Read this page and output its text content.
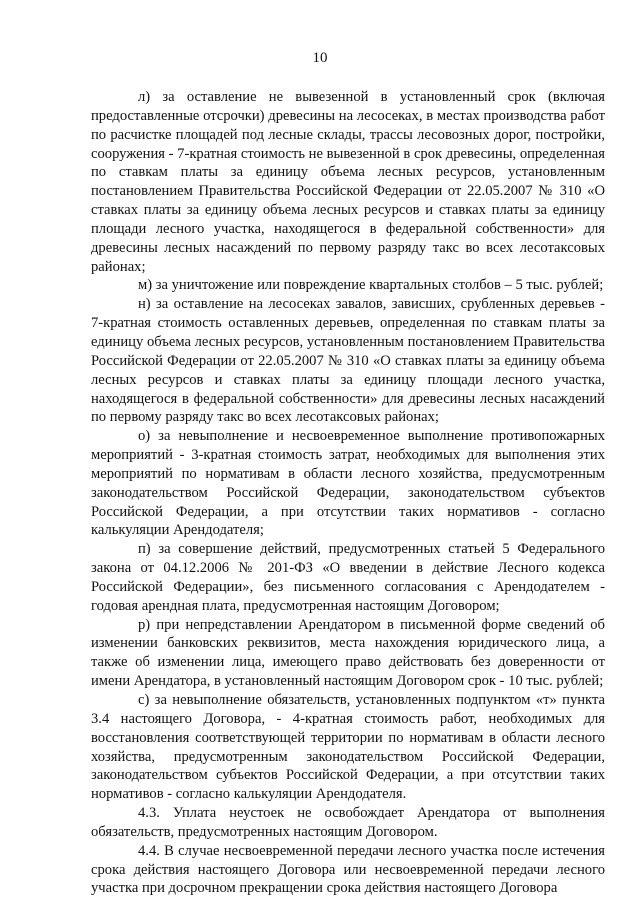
10

л) за оставление не вывезенной в установленный срок (включая предоставленные отсрочки) древесины на лесосеках, в местах производства работ по расчистке площадей под лесные склады, трассы лесовозных дорог, постройки, сооружения - 7-кратная стоимость не вывезенной в срок древесины, определенная по ставкам платы за единицу объема лесных ресурсов, установленным постановлением Правительства Российской Федерации от 22.05.2007 № 310 «О ставках платы за единицу объема лесных ресурсов и ставках платы за единицу площади лесного участка, находящегося в федеральной собственности» для древесины лесных насаждений по первому разряду такс во всех лесотаксовых районах;

м) за уничтожение или повреждение квартальных столбов – 5 тыс. рублей;

н) за оставление на лесосеках завалов, зависших, срубленных деревьев - 7-кратная стоимость оставленных деревьев, определенная по ставкам платы за единицу объема лесных ресурсов, установленным постановлением Правительства Российской Федерации от 22.05.2007 № 310 «О ставках платы за единицу объема лесных ресурсов и ставках платы за единицу площади лесного участка, находящегося в федеральной собственности» для древесины лесных насаждений по первому разряду такс во всех лесотаксовых районах;

о) за невыполнение и несвоевременное выполнение противопожарных мероприятий - 3-кратная стоимость затрат, необходимых для выполнения этих мероприятий по нормативам в области лесного хозяйства, предусмотренным законодательством Российской Федерации, законодательством субъектов Российской Федерации, а при отсутствии таких нормативов - согласно калькуляции Арендодателя;

п) за совершение действий, предусмотренных статьей 5 Федерального закона от 04.12.2006 № 201-ФЗ «О введении в действие Лесного кодекса Российской Федерации», без письменного согласования с Арендодателем - годовая арендная плата, предусмотренная настоящим Договором;

р) при непредставлении Арендатором в письменной форме сведений об изменении банковских реквизитов, места нахождения юридического лица, а также об изменении лица, имеющего право действовать без доверенности от имени Арендатора, в установленный настоящим Договором срок - 10 тыс. рублей;

с) за невыполнение обязательств, установленных подпунктом «т» пункта 3.4 настоящего Договора, - 4-кратная стоимость работ, необходимых для восстановления соответствующей территории по нормативам в области лесного хозяйства, предусмотренным законодательством Российской Федерации, законодательством субъектов Российской Федерации, а при отсутствии таких нормативов - согласно калькуляции Арендодателя.

4.3. Уплата неустоек не освобождает Арендатора от выполнения обязательств, предусмотренных настоящим Договором.

4.4. В случае несвоевременной передачи лесного участка после истечения срока действия настоящего Договора или несвоевременной передачи лесного участка при досрочном прекращении срока действия настоящего Договора
